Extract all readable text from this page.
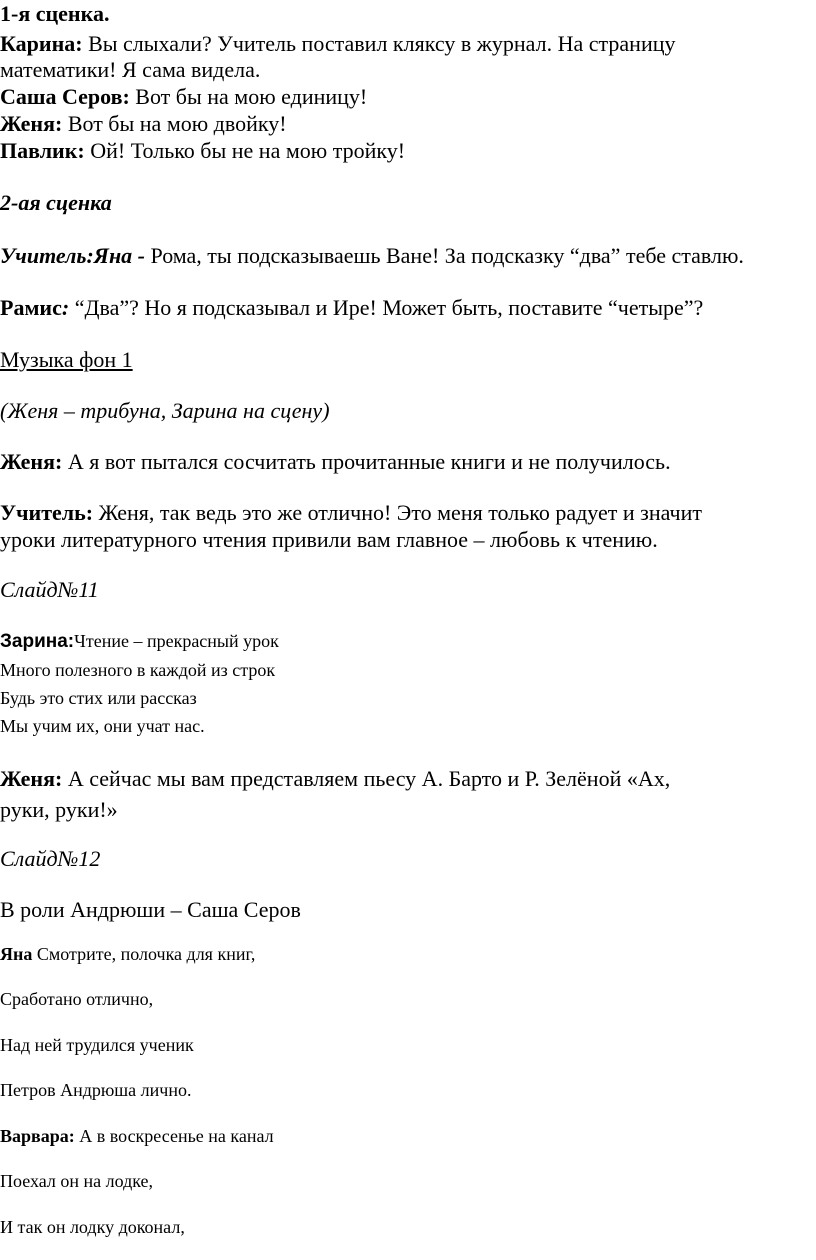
1-я сценка.

Карина: Вы слыхали? Учитель поставил кляксу в журнал. На страницу

математики! Я сама видела.

Саша Серов: Вот бы на мою единицу!

Женя: Вот бы на мою двойку!

Павлик: Ой! Только бы не на мою тройку!

2-ая сценка

Учитель:Яна - Рома, ты подсказываешь Ване! За подсказку “два” тебе ставлю.

Рамис: “Два”? Но я подсказывал и Ире! Может быть, поставите “четыре”?

Музыка фон 1

(Женя – трибуна, Зарина на сцену)

Женя: А я вот пытался сосчитать прочитанные книги и не получилось.

Учитель: Женя, так ведь это же отлично! Это меня только радует и значит

уроки литературного чтения привили вам главное – любовь к чтению.

Слайд№11

Зарина:Чтение – прекрасный урок

Много полезного в каждой из строк

Будь это стих или рассказ

Мы учим их, они учат нас.

Женя: А сейчас мы вам представляем пьесу А. Барто и Р. Зелёной «Ах,

руки, руки!»

Слайд№12

В роли Андрюши – Саша Серов

Яна Смотрите, полочка для книг,

Сработано отлично,

Над ней трудился ученик

Петров Андрюша лично.

Варвара: А в воскресенье на канал

Поехал он на лодке,

И так он лодку доконал,
